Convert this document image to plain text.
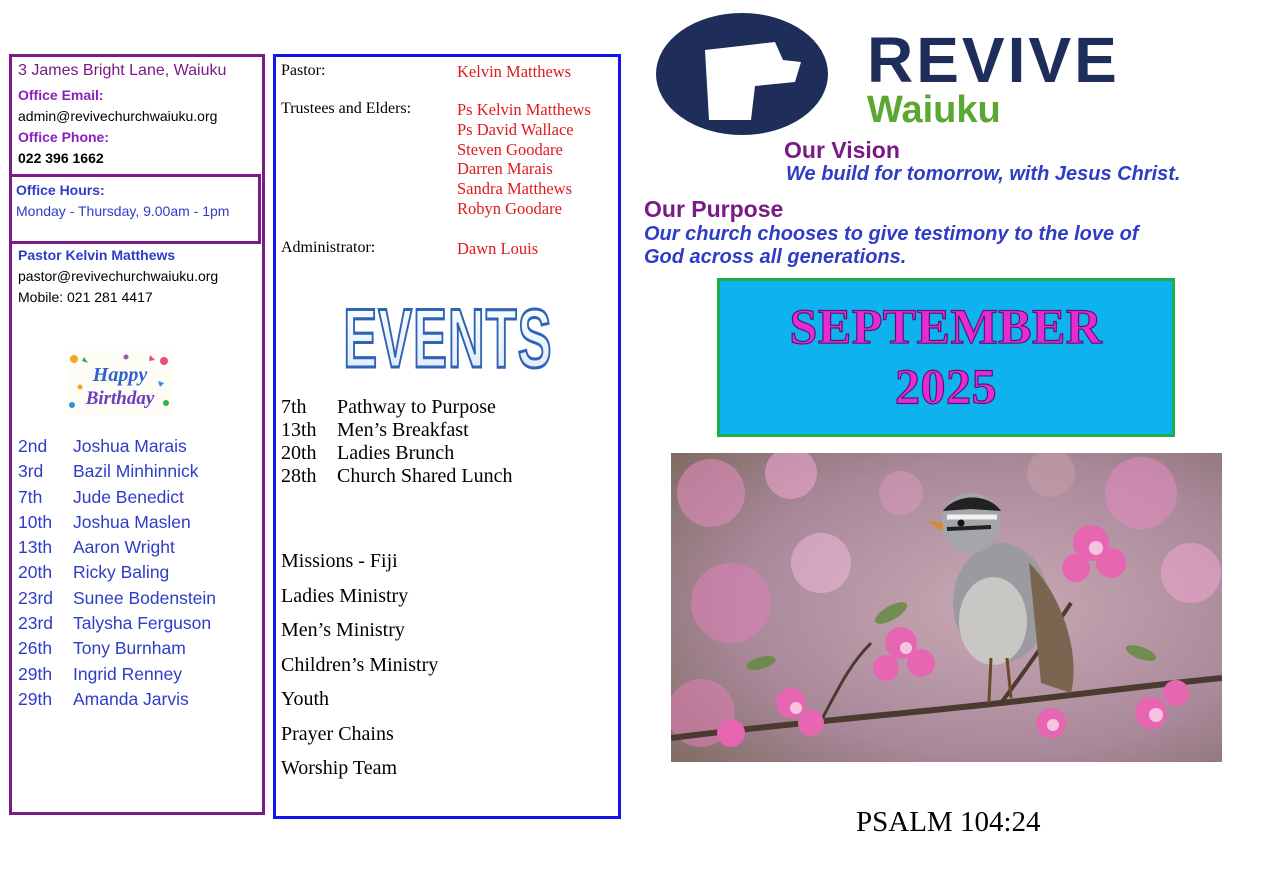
3 James Bright Lane, Waiuku
Office Email:
admin@revivechurchwaiuku.org
Office Phone:
022 396 1662
Office Hours:
Monday - Thursday, 9.00am - 1pm
Pastor Kelvin Matthews
pastor@revivechurchwaiuku.org
Mobile: 021 281 4417
Happy
Birthday
2nd Joshua Marais
3rd Bazil Minhinnick
7th Jude Benedict
10th Joshua Maslen
13th Aaron Wright
20th Ricky Baling
23rd Sunee Bodenstein
23rd Talysha Ferguson
26th Tony Burnham
29th Ingrid Renney
29th Amanda Jarvis
Pastor:	Kelvin Matthews
Trustees and Elders:	Ps Kelvin Matthews
Ps David Wallace
Steven Goodare
Darren Marais
Sandra Matthews
Robyn Goodare
Administrator:	Dawn Louis
EVENTS
7th Pathway to Purpose
13th Men’s Breakfast
20th Ladies Brunch
28th Church Shared Lunch
Missions - Fiji
Ladies Ministry
Men’s Ministry
Children’s Ministry
Youth
Prayer Chains
Worship Team
REVIVE
Waiuku
Our Vision
We build for tomorrow, with Jesus Christ.
Our Purpose
Our church chooses to give testimony to the love of God across all generations.
SEPTEMBER
2025
PSALM 104:24
